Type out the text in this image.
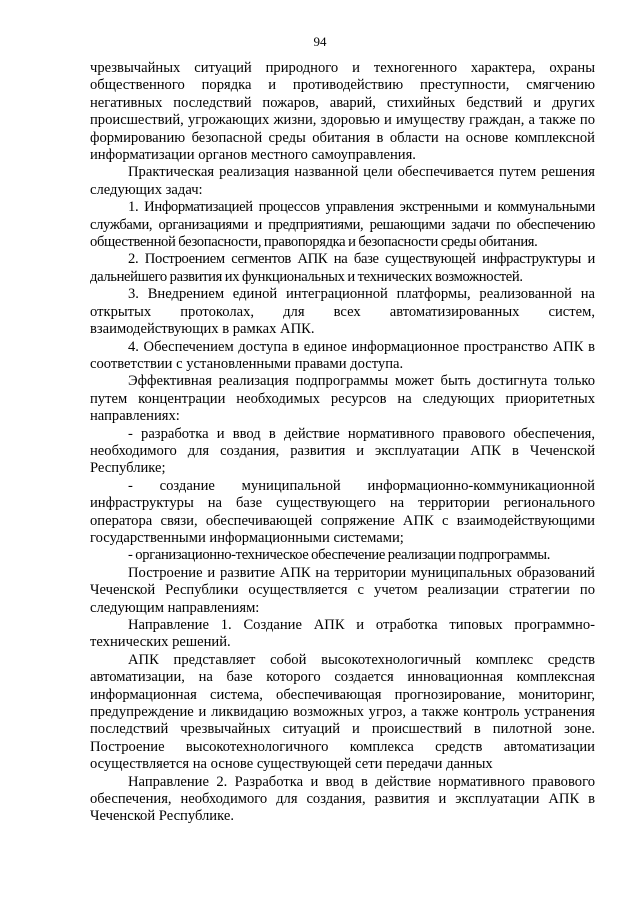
94

чрезвычайных ситуаций природного и техногенного характера, охраны общественного порядка и противодействию преступности, смягчению негативных последствий пожаров, аварий, стихийных бедствий и других происшествий, угрожающих жизни, здоровью и имуществу граждан, а также по формированию безопасной среды обитания в области на основе комплексной информатизации органов местного самоуправления.

Практическая реализация названной цели обеспечивается путем решения следующих задач:

1. Информатизацией процессов управления экстренными и коммунальными службами, организациями и предприятиями, решающими задачи по обеспечению общественной безопасности, правопорядка и безопасности среды обитания.

2. Построением сегментов АПК на базе существующей инфраструктуры и дальнейшего развития их функциональных и технических возможностей.

3. Внедрением единой интеграционной платформы, реализованной на открытых протоколах, для всех автоматизированных систем, взаимодействующих в рамках АПК.

4. Обеспечением доступа в единое информационное пространство АПК в соответствии с установленными правами доступа.

Эффективная реализация подпрограммы может быть достигнута только путем концентрации необходимых ресурсов на следующих приоритетных направлениях:

- разработка и ввод в действие нормативного правового обеспечения, необходимого для создания, развития и эксплуатации АПК в Чеченской Республике;

- создание муниципальной информационно-коммуникационной инфраструктуры на базе существующего на территории регионального оператора связи, обеспечивающей сопряжение АПК с взаимодействующими государственными информационными системами;

- организационно-техническое обеспечение реализации подпрограммы.

Построение и развитие АПК на территории муниципальных образований Чеченской Республики осуществляется с учетом реализации стратегии по следующим направлениям:

Направление 1. Создание АПК и отработка типовых программно-технических решений.

АПК представляет собой высокотехнологичный комплекс средств автоматизации, на базе которого создается инновационная комплексная информационная система, обеспечивающая прогнозирование, мониторинг, предупреждение и ликвидацию возможных угроз, а также контроль устранения последствий чрезвычайных ситуаций и происшествий в пилотной зоне. Построение высокотехнологичного комплекса средств автоматизации осуществляется на основе существующей сети передачи данных

Направление 2. Разработка и ввод в действие нормативного правового обеспечения, необходимого для создания, развития и эксплуатации АПК в Чеченской Республике.
